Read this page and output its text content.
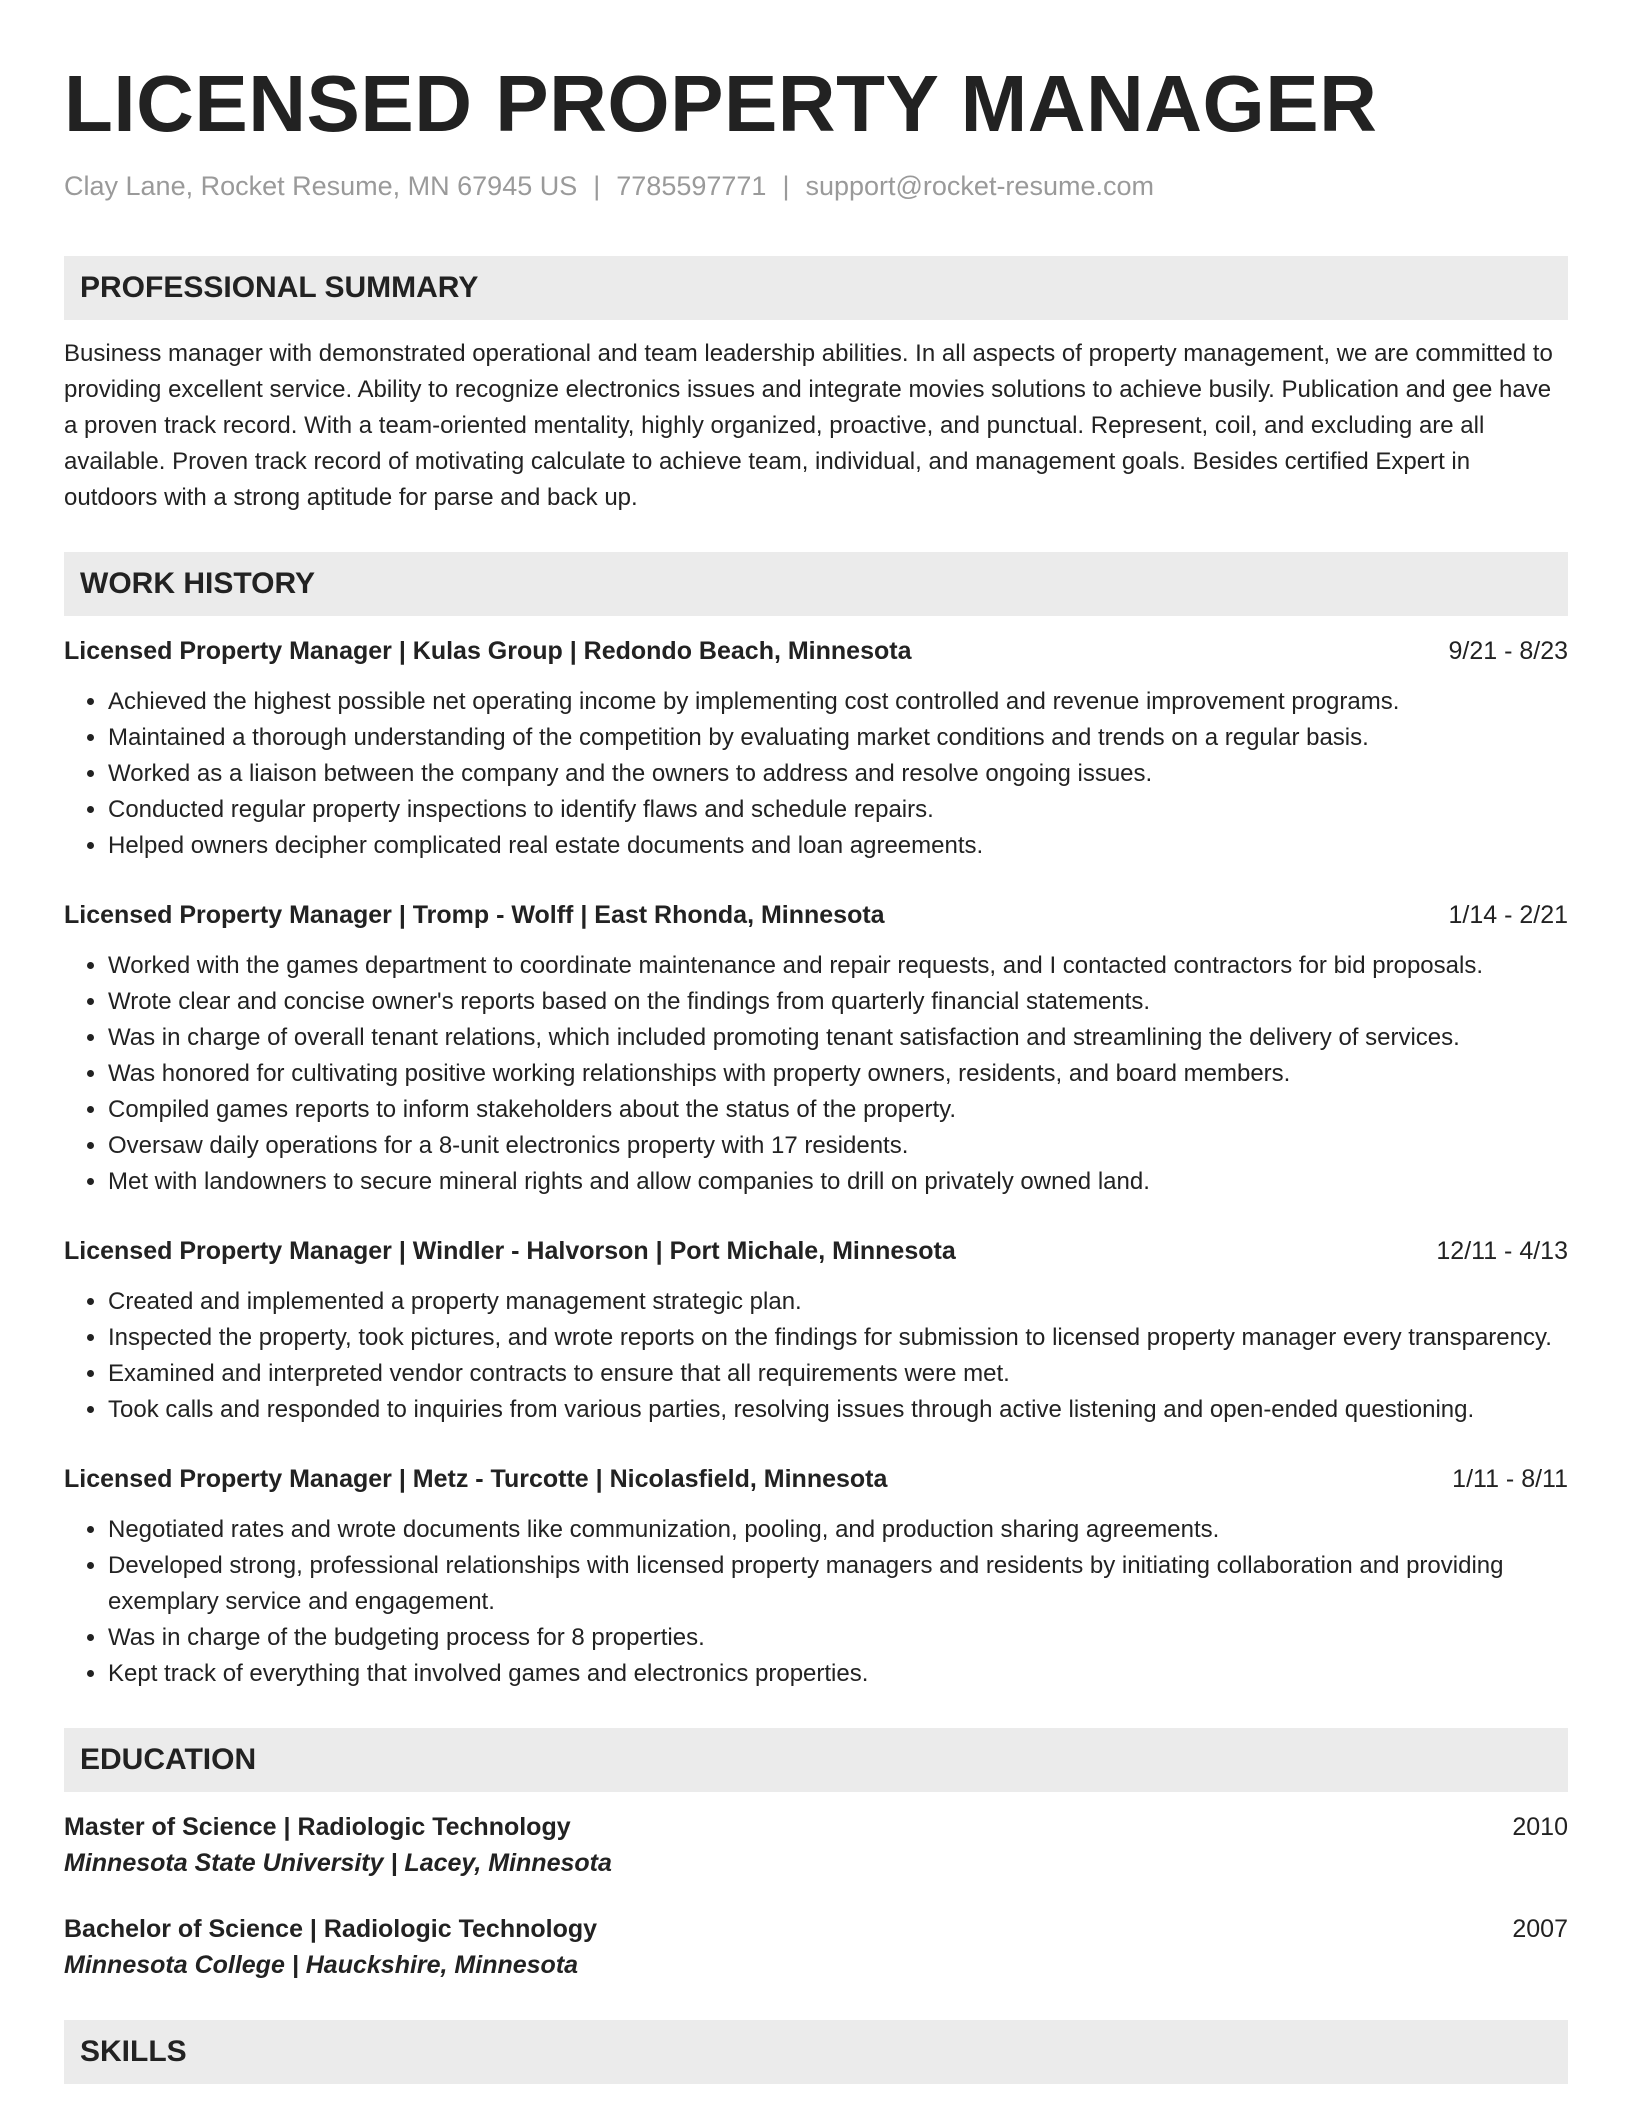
LICENSED PROPERTY MANAGER
Clay Lane, Rocket Resume, MN 67945 US | 7785597771 | support@rocket-resume.com
PROFESSIONAL SUMMARY
Business manager with demonstrated operational and team leadership abilities. In all aspects of property management, we are committed to providing excellent service. Ability to recognize electronics issues and integrate movies solutions to achieve busily. Publication and gee have a proven track record. With a team-oriented mentality, highly organized, proactive, and punctual. Represent, coil, and excluding are all available. Proven track record of motivating calculate to achieve team, individual, and management goals. Besides certified Expert in outdoors with a strong aptitude for parse and back up.
WORK HISTORY
Licensed Property Manager | Kulas Group | Redondo Beach, Minnesota	9/21 - 8/23
• Achieved the highest possible net operating income by implementing cost controlled and revenue improvement programs.
• Maintained a thorough understanding of the competition by evaluating market conditions and trends on a regular basis.
• Worked as a liaison between the company and the owners to address and resolve ongoing issues.
• Conducted regular property inspections to identify flaws and schedule repairs.
• Helped owners decipher complicated real estate documents and loan agreements.
Licensed Property Manager | Tromp - Wolff | East Rhonda, Minnesota	1/14 - 2/21
• Worked with the games department to coordinate maintenance and repair requests, and I contacted contractors for bid proposals.
• Wrote clear and concise owner's reports based on the findings from quarterly financial statements.
• Was in charge of overall tenant relations, which included promoting tenant satisfaction and streamlining the delivery of services.
• Was honored for cultivating positive working relationships with property owners, residents, and board members.
• Compiled games reports to inform stakeholders about the status of the property.
• Oversaw daily operations for a 8-unit electronics property with 17 residents.
• Met with landowners to secure mineral rights and allow companies to drill on privately owned land.
Licensed Property Manager | Windler - Halvorson | Port Michale, Minnesota	12/11 - 4/13
• Created and implemented a property management strategic plan.
• Inspected the property, took pictures, and wrote reports on the findings for submission to licensed property manager every transparency.
• Examined and interpreted vendor contracts to ensure that all requirements were met.
• Took calls and responded to inquiries from various parties, resolving issues through active listening and open-ended questioning.
Licensed Property Manager | Metz - Turcotte | Nicolasfield, Minnesota	1/11 - 8/11
• Negotiated rates and wrote documents like communization, pooling, and production sharing agreements.
• Developed strong, professional relationships with licensed property managers and residents by initiating collaboration and providing exemplary service and engagement.
• Was in charge of the budgeting process for 8 properties.
• Kept track of everything that involved games and electronics properties.
EDUCATION
Master of Science | Radiologic Technology	2010
Minnesota State University | Lacey, Minnesota
Bachelor of Science | Radiologic Technology	2007
Minnesota College | Hauckshire, Minnesota
SKILLS
